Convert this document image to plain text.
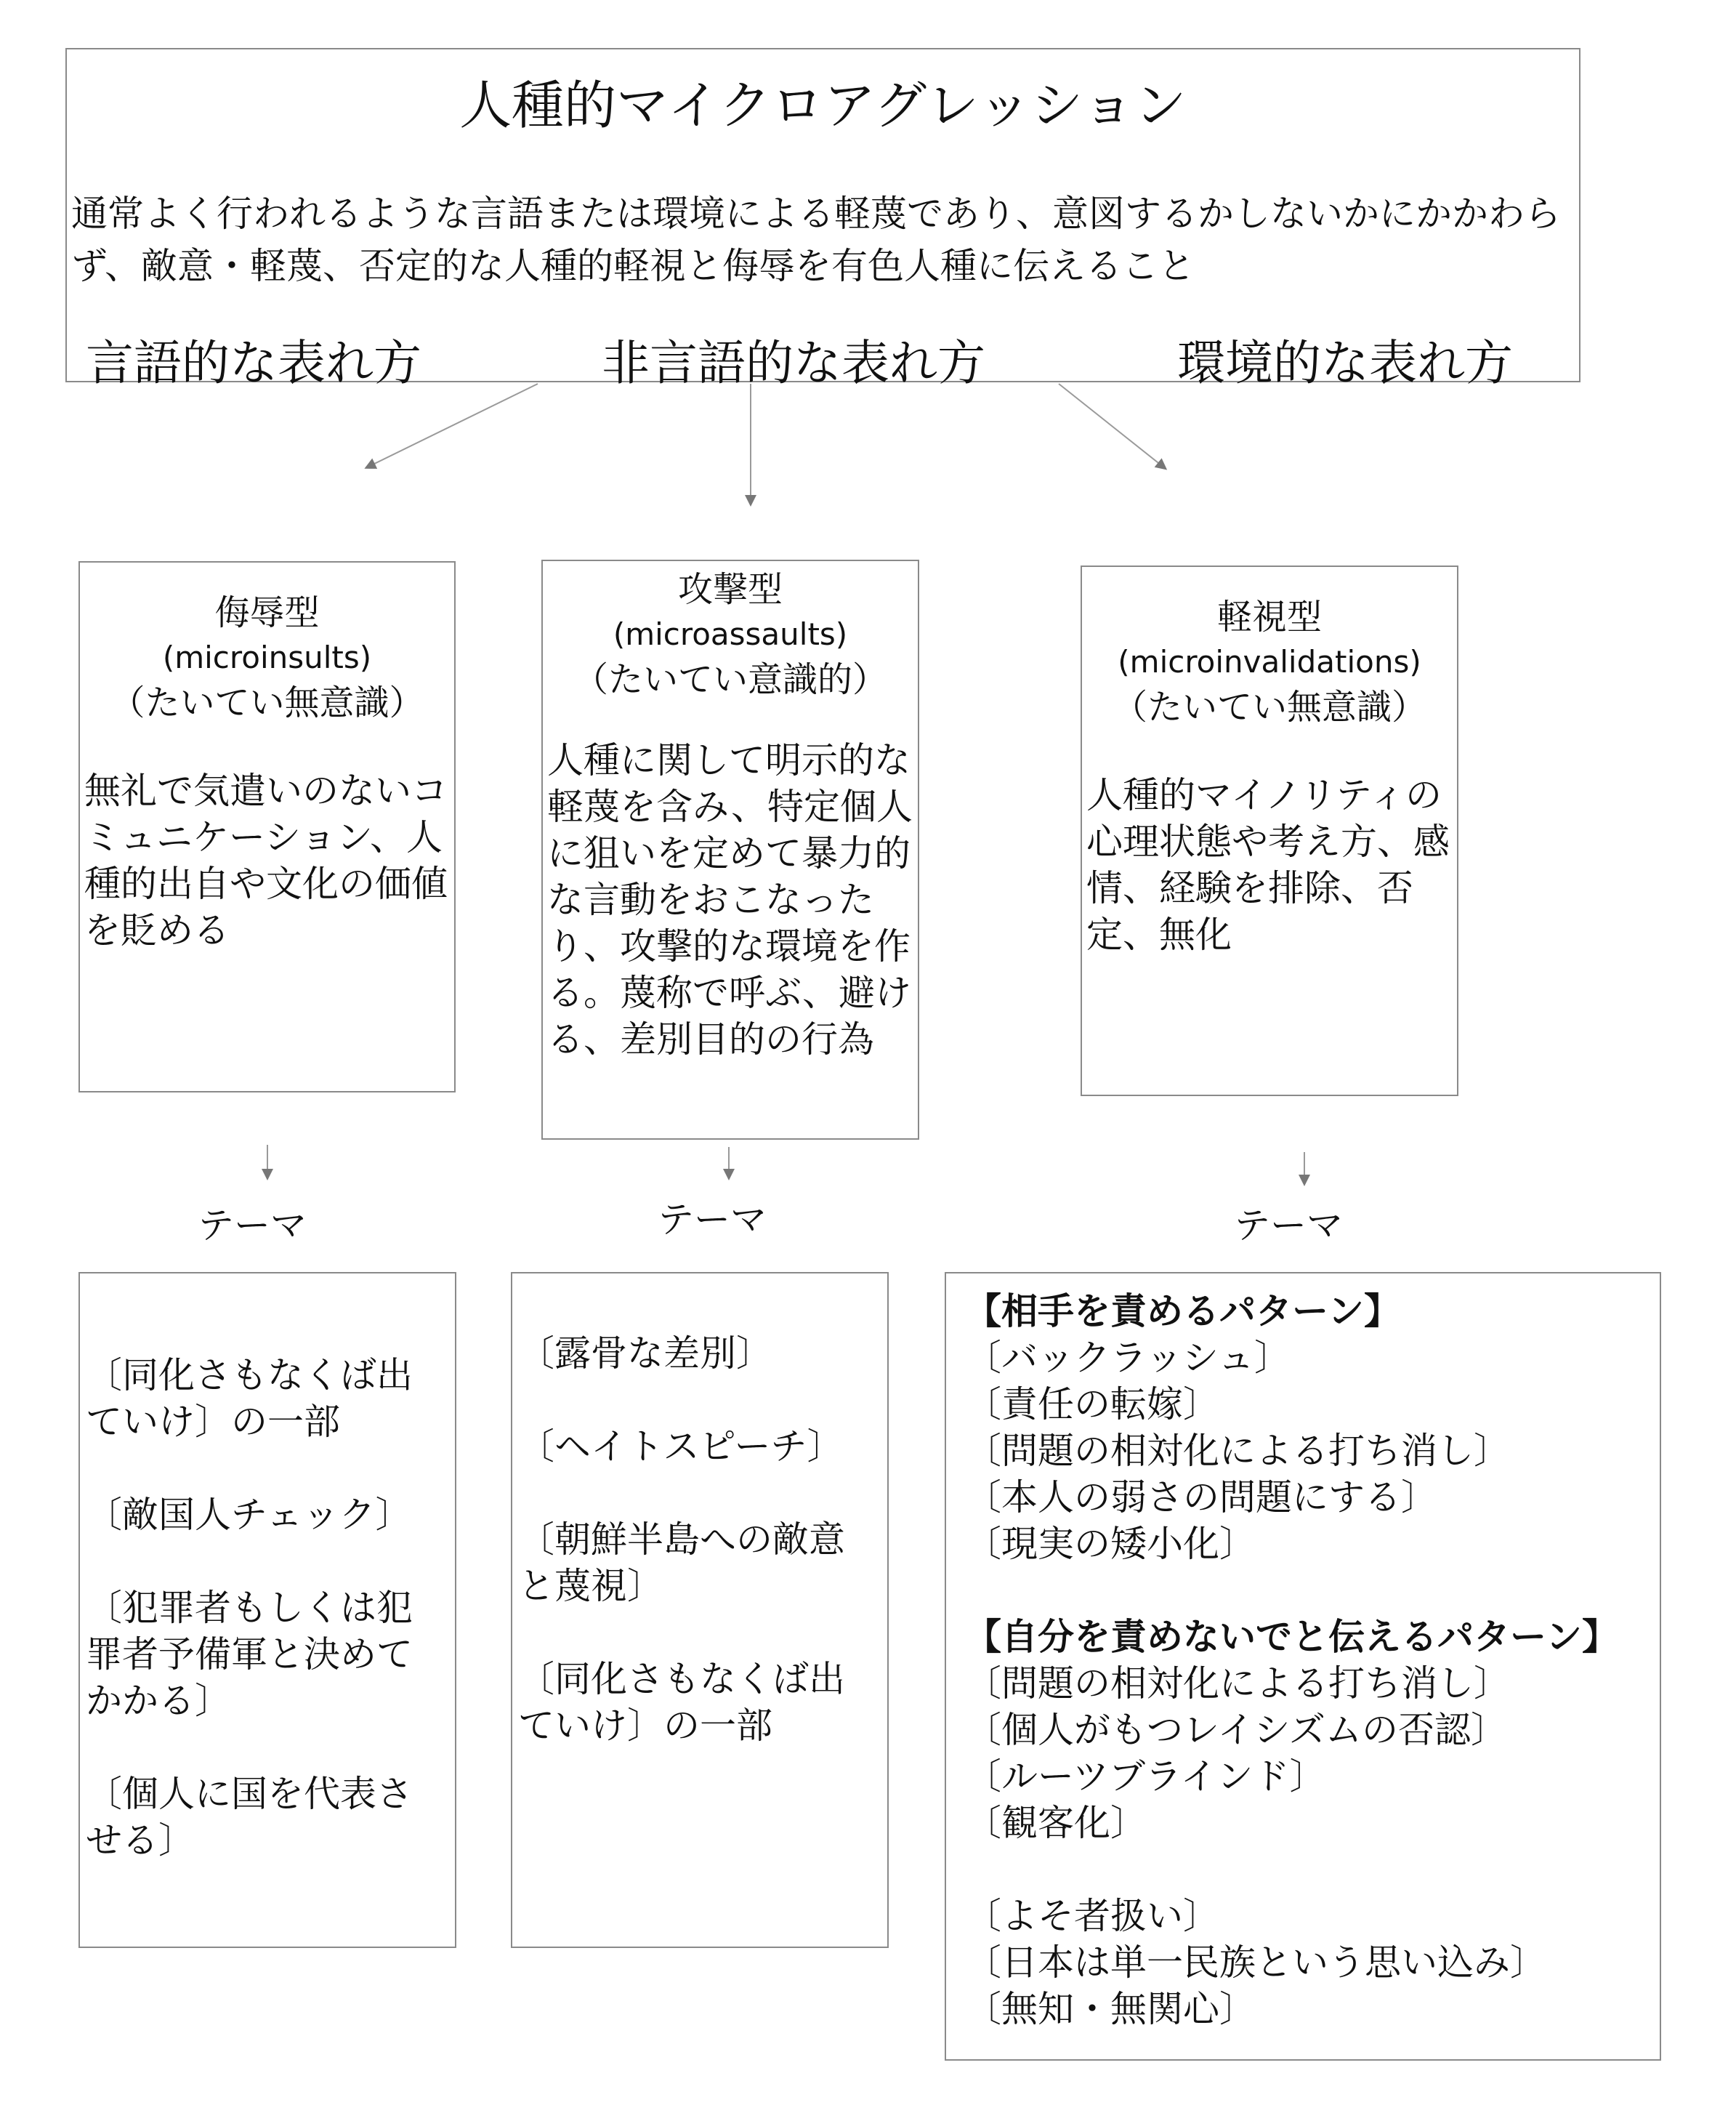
人種的マイクロアグレッション
通常よく行われるような言語または環境による軽蔑であり、意図するかしないかにかかわらず、敵意・軽蔑、否定的な人種的軽視と侮辱を有色人種に伝えること
言語的な表れ方	非言語的な表れ方	環境的な表れ方
侮辱型
(microinsults)
（たいてい無意識）
無礼で気遣いのないコミュニケーション、人種的出自や文化の価値を貶める
攻撃型
(microassaults)
（たいてい意識的）
人種に関して明示的な軽蔑を含み、特定個人に狙いを定めて暴力的な言動をおこなったり、攻撃的な環境を作る。蔑称で呼ぶ、避ける、差別目的の行為
軽視型
(microinvalidations)
（たいてい無意識）
人種的マイノリティの心理状態や考え方、感情、経験を排除、否定、無化
テーマ	テーマ	テーマ

〔同化さもなくば出ていけ〕の一部

〔敵国人チェック〕

〔犯罪者もしくは犯罪者予備軍と決めてかかる〕

〔個人に国を代表させる〕

〔露骨な差別〕

〔ヘイトスピーチ〕

〔朝鮮半島への敵意と蔑視〕

〔同化さもなくば出ていけ〕の一部

【相手を責めるパターン】

〔バックラッシュ〕

〔責任の転嫁〕

〔問題の相対化による打ち消し〕

〔本人の弱さの問題にする〕

〔現実の矮小化〕

【自分を責めないでと伝えるパターン】

〔問題の相対化による打ち消し〕

〔個人がもつレイシズムの否認〕

〔ルーツブラインド〕

〔観客化〕

〔よそ者扱い〕

〔日本は単一民族という思い込み〕

〔無知・無関心〕
